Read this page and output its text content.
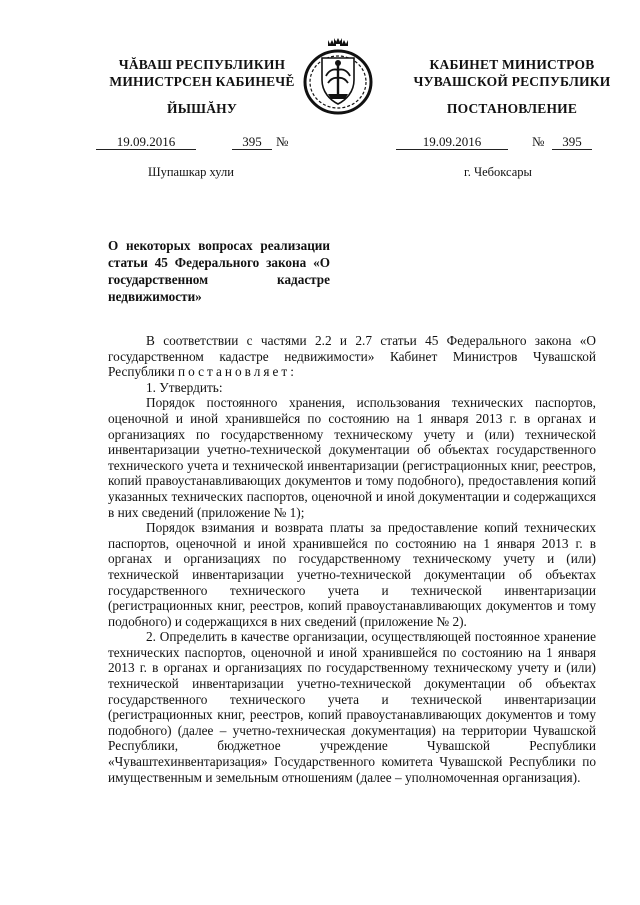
ЧĂВАШ РЕСПУБЛИКИН
МИНИСТРСЕН КАБИНЕЧĚ
ЙЫШĂНУ
КАБИНЕТ МИНИСТРОВ
ЧУВАШСКОЙ РЕСПУБЛИКИ
ПОСТАНОВЛЕНИЕ
19.09.2016	395	№	19.09.2016	№	395
Шупашкар хули	г. Чебоксары
О некоторых вопросах реализации статьи 45 Федерального закона «О государственном кадастре недвижимости»

В соответствии с частями 2.2 и 2.7 статьи 45 Федерального закона «О государственном кадастре недвижимости» Кабинет Министров Чувашской Республики постановляет:

1. Утвердить:

Порядок постоянного хранения, использования технических паспортов, оценочной и иной хранившейся по состоянию на 1 января 2013 г. в органах и организациях по государственному техническому учету и (или) технической инвентаризации учетно-технической документации об объектах государственного технического учета и технической инвентаризации (регистрационных книг, реестров, копий правоустанавливающих документов и тому подобного), предоставления копий указанных технических паспортов, оценочной и иной документации и содержащихся в них сведений (приложение № 1);

Порядок взимания и возврата платы за предоставление копий технических паспортов, оценочной и иной хранившейся по состоянию на 1 января 2013 г. в органах и организациях по государственному техническому учету и (или) технической инвентаризации учетно-технической документации об объектах государственного технического учета и технической инвентаризации (регистрационных книг, реестров, копий правоустанавливающих документов и тому подобного) и содержащихся в них сведений (приложение № 2).

2. Определить в качестве организации, осуществляющей постоянное хранение технических паспортов, оценочной и иной хранившейся по состоянию на 1 января 2013 г. в органах и организациях по государственному техническому учету и (или) технической инвентаризации учетно-технической документации об объектах государственного технического учета и технической инвентаризации (регистрационных книг, реестров, копий правоустанавливающих документов и тому подобного) (далее – учетно-техническая документация) на территории Чувашской Республики, бюджетное учреждение Чувашской Республики «Чуваштехинвентаризация» Государственного комитета Чувашской Республики по имущественным и земельным отношениям (далее – уполномоченная организация).
